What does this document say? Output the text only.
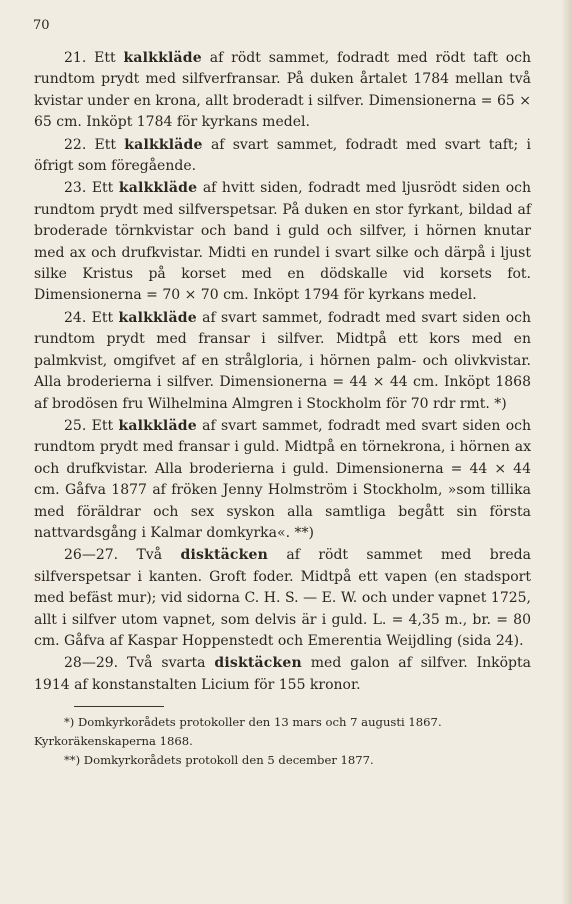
70

21. Ett kalkkläde af rödt sammet, fodradt med rödt taft och rundtom prydt med silfverfransar. På duken årtalet 1784 mellan två kvistar under en krona, allt broderadt i silfver. Dimensionerna = 65 × 65 cm. Inköpt 1784 för kyrkans medel.

22. Ett kalkkläde af svart sammet, fodradt med svart taft; i öfrigt som föregående.

23. Ett kalkkläde af hvitt siden, fodradt med ljusrödt siden och rundtom prydt med silfverspetsar. På duken en stor fyrkant, bildad af broderade törnkvistar och band i guld och silfver, i hörnen knutar med ax och drufkvistar. Midti en rundel i svart silke och därpå i ljust silke Kristus på korset med en dödskalle vid korsets fot. Dimensionerna = 70 × 70 cm. Inköpt 1794 för kyrkans medel.

24. Ett kalkkläde af svart sammet, fodradt med svart siden och rundtom prydt med fransar i silfver. Midtpå ett kors med en palmkvist, omgifvet af en strålgloria, i hörnen palm- och olivkvistar. Alla broderierna i silfver. Dimensionerna = 44 × 44 cm. Inköpt 1868 af brodösen fru Wilhelmina Almgren i Stockholm för 70 rdr rmt. *)

25. Ett kalkkläde af svart sammet, fodradt med svart siden och rundtom prydt med fransar i guld. Midtpå en törnekrona, i hörnen ax och drufkvistar. Alla broderierna i guld. Dimensionerna = 44 × 44 cm. Gåfva 1877 af fröken Jenny Holmström i Stockholm, »som tillika med föräldrar och sex syskon alla samtliga begått sin första nattvardsgång i Kalmar domkyrka«. **)

26—27. Två disktäcken af rödt sammet med breda silfverspetsar i kanten. Groft foder. Midtpå ett vapen (en stadsport med befäst mur); vid sidorna C. H. S. — E. W. och under vapnet 1725, allt i silfver utom vapnet, som delvis är i guld. L. = 4,35 m., br. = 80 cm. Gåfva af Kaspar Hoppenstedt och Emerentia Weijdling (sida 24).

28—29. Två svarta disktäcken med galon af silfver. Inköpta 1914 af konstanstalten Licium för 155 kronor.

*) Domkyrkorådets protokoller den 13 mars och 7 augusti 1867.

Kyrkoräkenskaperna 1868.

**) Domkyrkorådets protokoll den 5 december 1877.
